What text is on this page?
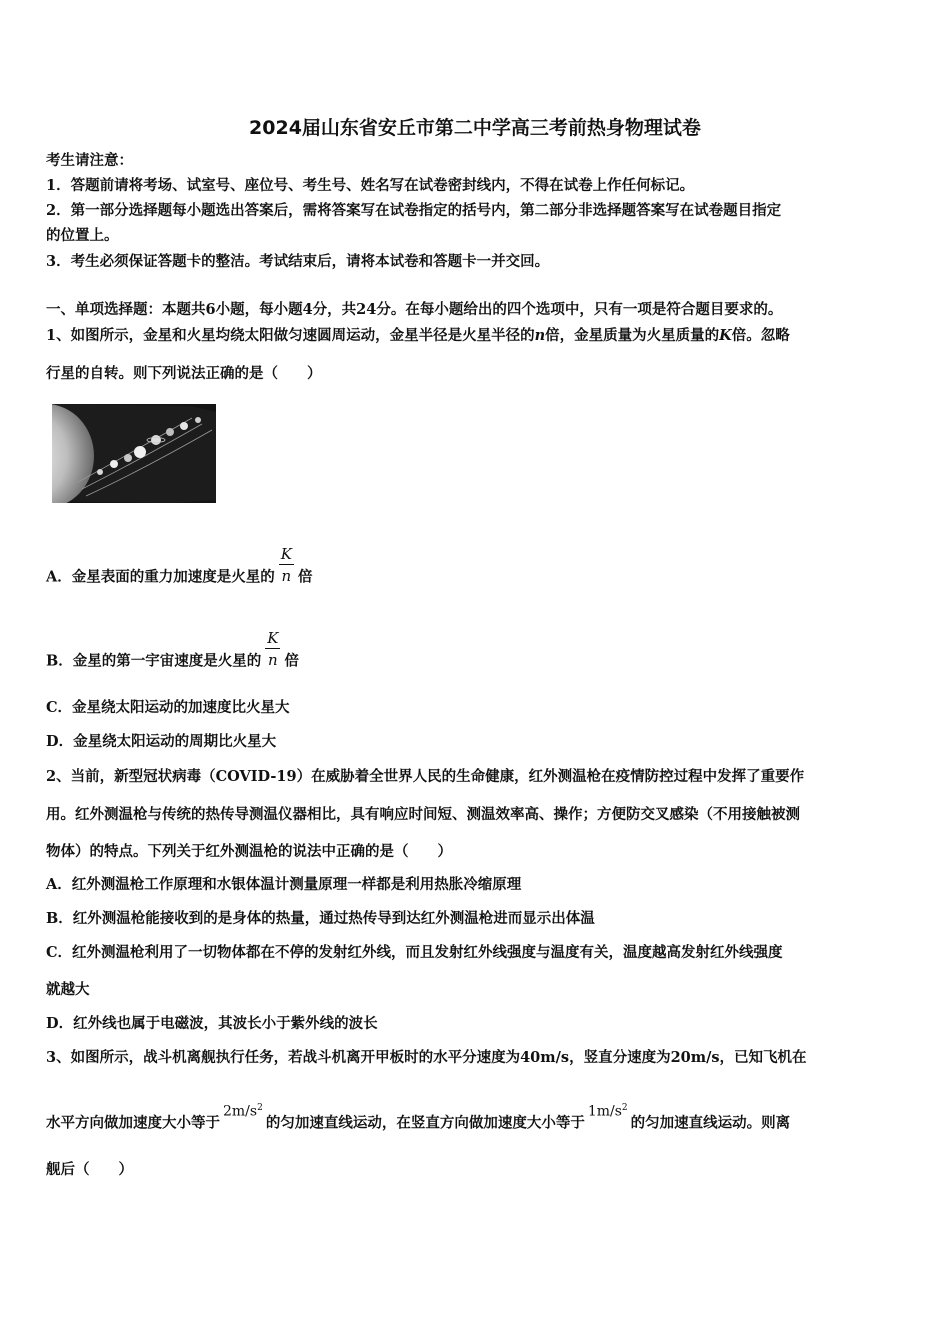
2024届山东省安丘市第二中学高三考前热身物理试卷
考生请注意：
1．答题前请将考场、试室号、座位号、考生号、姓名写在试卷密封线内，不得在试卷上作任何标记。
2．第一部分选择题每小题选出答案后，需将答案写在试卷指定的括号内，第二部分非选择题答案写在试卷题目指定
的位置上。
3．考生必须保证答题卡的整洁。考试结束后，请将本试卷和答题卡一并交回。
一、单项选择题：本题共6小题，每小题4分，共24分。在每小题给出的四个选项中，只有一项是符合题目要求的。
1、如图所示，金星和火星均绕太阳做匀速圆周运动，金星半径是火星半径的n倍，金星质量为火星质量的K倍。忽略
行星的自转。则下列说法正确的是（　　）
A．金星表面的重力加速度是火星的 $\frac{K}{n}$ 倍
B．金星的第一宇宙速度是火星的 $\frac{K}{n}$ 倍
C．金星绕太阳运动的加速度比火星大
D．金星绕太阳运动的周期比火星大
2、当前，新型冠状病毒（COVID-19）在威胁着全世界人民的生命健康，红外测温枪在疫情防控过程中发挥了重要作
用。红外测温枪与传统的热传导测温仪器相比，具有响应时间短、测温效率高、操作；方便防交叉感染（不用接触被测
物体）的特点。下列关于红外测温枪的说法中正确的是（　　）
A．红外测温枪工作原理和水银体温计测量原理一样都是利用热胀冷缩原理
B．红外测温枪能接收到的是身体的热量，通过热传导到达红外测温枪进而显示出体温
C．红外测温枪利用了一切物体都在不停的发射红外线，而且发射红外线强度与温度有关，温度越高发射红外线强度
就越大
D．红外线也属于电磁波，其波长小于紫外线的波长
3、如图所示，战斗机离舰执行任务，若战斗机离开甲板时的水平分速度为40m/s，竖直分速度为20m/s，已知飞机在
水平方向做加速度大小等于$2m/s^2$的匀加速直线运动，在竖直方向做加速度大小等于$1m/s^2$的匀加速直线运动。则离
舰后（　　）
